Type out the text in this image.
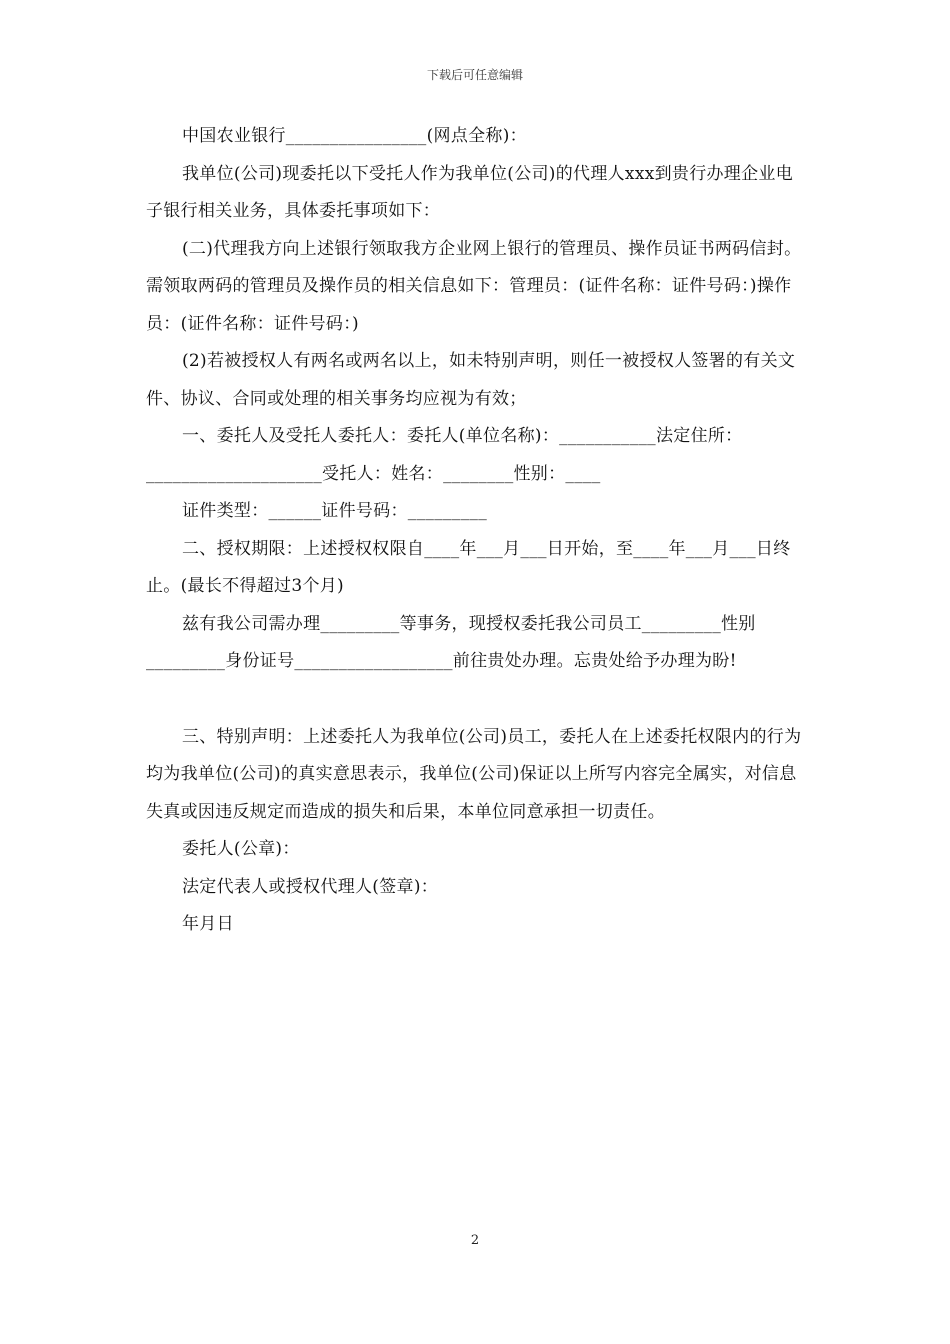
下载后可任意编辑

中国农业银行________________(网点全称)：

我单位(公司)现委托以下受托人作为我单位(公司)的代理人xxx到贵行办理企业电子银行相关业务，具体委托事项如下：

(二)代理我方向上述银行领取我方企业网上银行的管理员、操作员证书两码信封。需领取两码的管理员及操作员的相关信息如下：管理员：(证件名称：证件号码：)操作员：(证件名称：证件号码：)

(2)若被授权人有两名或两名以上，如未特别声明，则任一被授权人签署的有关文件、协议、合同或处理的相关事务均应视为有效；

一、委托人及受托人委托人：委托人(单位名称)：___________法定住所：____________________受托人：姓名：________性别：____

证件类型：______证件号码：_________

二、授权期限：上述授权权限自____年___月___日开始，至____年___月___日终止。(最长不得超过3个月)

兹有我公司需办理_________等事务，现授权委托我公司员工_________性别_________身份证号__________________前往贵处办理。忘贵处给予办理为盼!

三、特别声明：上述委托人为我单位(公司)员工，委托人在上述委托权限内的行为均为我单位(公司)的真实意思表示，我单位(公司)保证以上所写内容完全属实，对信息失真或因违反规定而造成的损失和后果，本单位同意承担一切责任。

委托人(公章)：

法定代表人或授权代理人(签章)：

年月日

2
